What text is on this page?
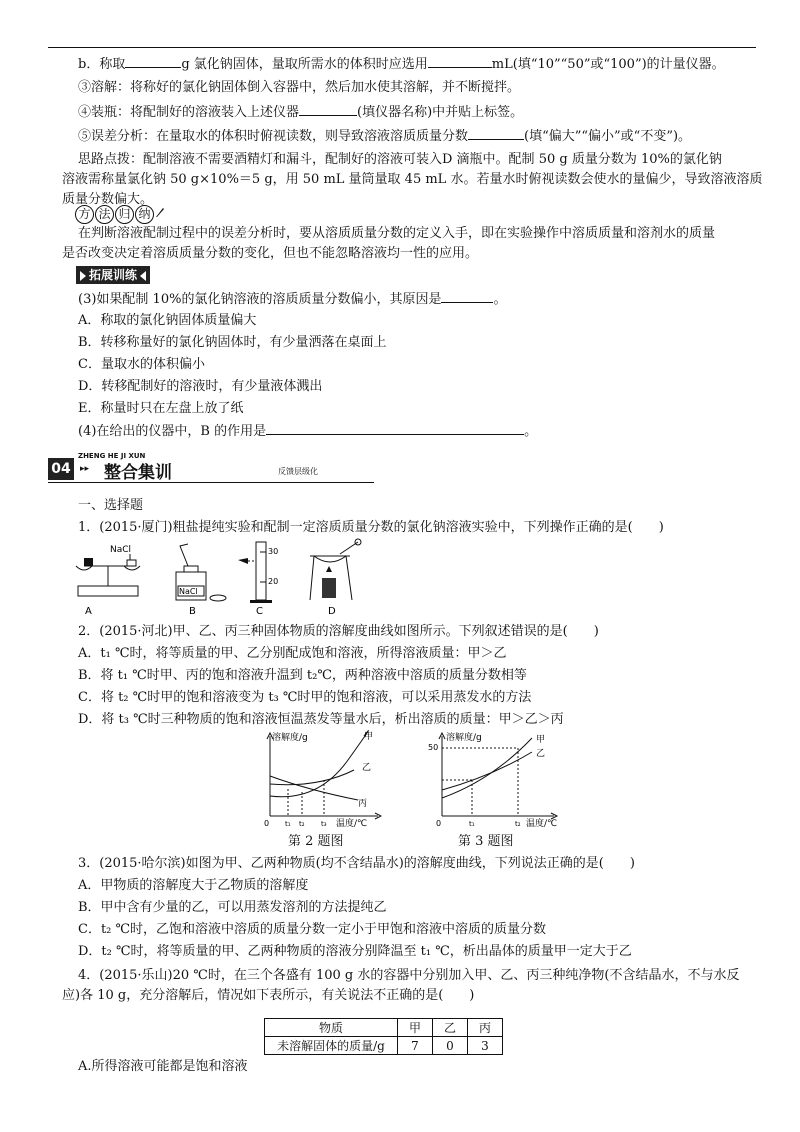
b．称取	g 氯化钠固体，量取所需水的体积时应选用	mL(填“10”“50”或“100”)的计量仪器。
③溶解：将称好的氯化钠固体倒入容器中，然后加水使其溶解，并不断搅拌。
④装瓶：将配制好的溶液装入上述仪器	(填仪器名称)中并贴上标签。
⑤误差分析：在量取水的体积时俯视读数，则导致溶液溶质质量分数	(填“偏大”“偏小”或“不变”)。
思路点拨：配制溶液不需要酒精灯和漏斗，配制好的溶液可装入D 滴瓶中。配制 50 g 质量分数为 10%的氯化钠
溶液需称量氯化钠 50 g×10%＝5 g，用 50 mL 量筒量取 45 mL 水。若量水时俯视读数会使水的量偏少，导致溶液溶质
质量分数偏大。
方 法 归 纳
在判断溶液配制过程中的误差分析时，要从溶质质量分数的定义入手，即在实验操作中溶质质量和溶剂水的质量
是否改变决定着溶质质量分数的变化，但也不能忽略溶液均一性的应用。
拓展训练
(3)如果配制 10%的氯化钠溶液的溶质质量分数偏小，其原因是	。
A．称取的氯化钠固体质量偏大
B．转移称量好的氯化钠固体时，有少量洒落在桌面上
C．量取水的体积偏小
D．转移配制好的溶液时，有少量液体溅出
E．称量时只在左盘上放了纸
(4)在给出的仪器中，B 的作用是	。
04
ZHENG HE JI XUN
▸▸ 整合集训	反馈层级化
一、选择题
1．(2015·厦门)粗盐提纯实验和配制一定溶质质量分数的氯化钠溶液实验中，下列操作正确的是(　　)
NaCl
NaCl
30
20
A	B	C	D
2．(2015·河北)甲、乙、丙三种固体物质的溶解度曲线如图所示。下列叙述错误的是(　　)
A．t₁ ℃时，将等质量的甲、乙分别配成饱和溶液，所得溶液质量：甲＞乙
B．将 t₁ ℃时甲、丙的饱和溶液升温到 t₂℃，两种溶液中溶质的质量分数相等
C．将 t₂ ℃时甲的饱和溶液变为 t₃ ℃时甲的饱和溶液，可以采用蒸发水的方法
D．将 t₃ ℃时三种物质的饱和溶液恒温蒸发等量水后，析出溶质的质量：甲＞乙＞丙
溶解度/g	甲
乙
丙
0 t₁ t₂ t₃ 温度/℃
第 2 题图
溶解度/g
50
甲
乙
0	t₁	t₂ 温度/℃
第 3 题图
3．(2015·哈尔滨)如图为甲、乙两种物质(均不含结晶水)的溶解度曲线，下列说法正确的是(　　)
A．甲物质的溶解度大于乙物质的溶解度
B．甲中含有少量的乙，可以用蒸发溶剂的方法提纯乙
C．t₂ ℃时，乙饱和溶液中溶质的质量分数一定小于甲饱和溶液中溶质的质量分数
D．t₂ ℃时，将等质量的甲、乙两种物质的溶液分别降温至 t₁ ℃，析出晶体的质量甲一定大于乙
4．(2015·乐山)20 ℃时，在三个各盛有 100 g 水的容器中分别加入甲、乙、丙三种纯净物(不含结晶水，不与水反
应)各 10 g，充分溶解后，情况如下表所示，有关说法不正确的是(　　)
物质	甲	乙	丙
未溶解固体的质量/g	7	0	3
A.所得溶液可能都是饱和溶液
